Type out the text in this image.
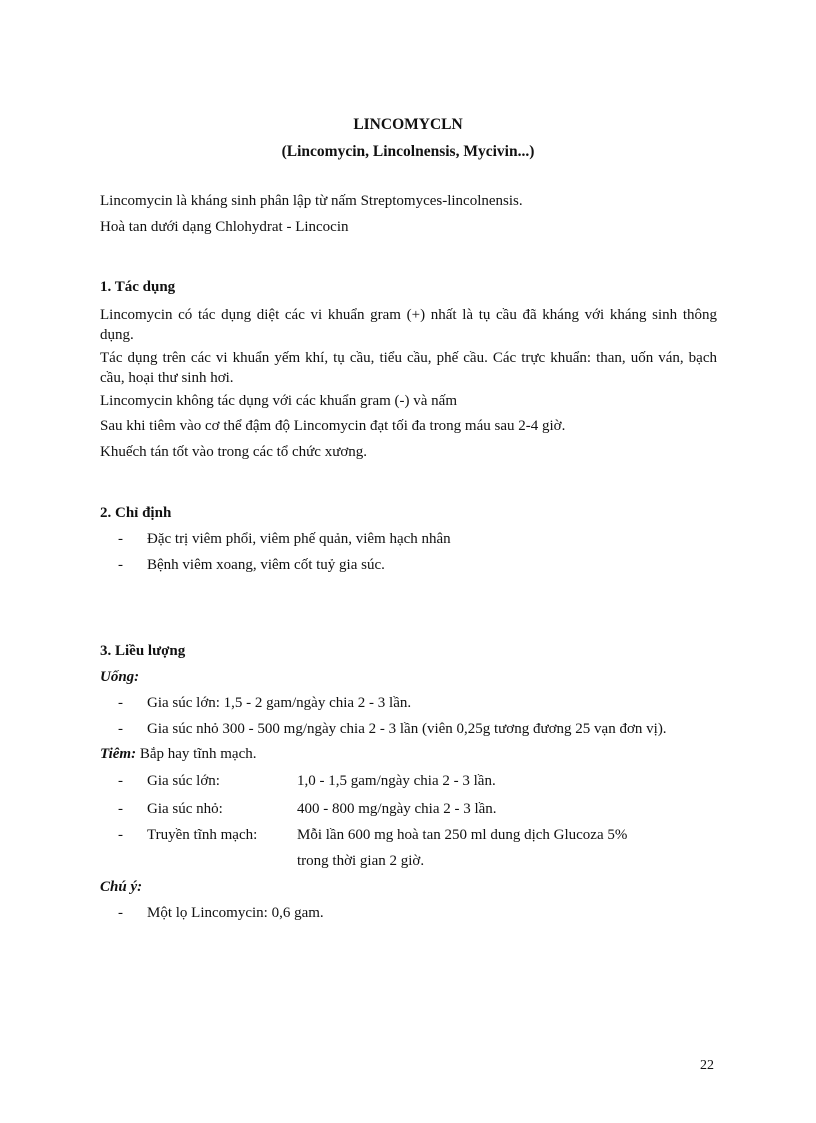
LINCOMYCLN
(Lincomycin, Lincolnensis, Mycivin...)
Lincomycin là kháng sinh phân lập từ nấm Streptomyces-lincolnensis.
Hoà tan dưới dạng Chlohydrat - Lincocin
1. Tác dụng
Lincomycin có tác dụng diệt các vi khuẩn gram (+) nhất là tụ cầu đã kháng với kháng sinh thông dụng.
Tác dụng trên các vi khuẩn yếm khí, tụ cầu, tiểu cầu, phế cầu. Các trực khuẩn: than, uốn ván, bạch cầu, hoại thư sinh hơi.
Lincomycin không tác dụng với các khuẩn gram (-) và nấm
Sau khi tiêm vào cơ thể đậm độ Lincomycin đạt tối đa trong máu sau 2-4 giờ.
Khuếch tán tốt vào trong các tổ chức xương.
2. Chỉ định
- Đặc trị viêm phổi, viêm phế quản, viêm hạch nhân
- Bệnh viêm xoang, viêm cốt tuỷ gia súc.
3. Liều lượng
Uống:
- Gia súc lớn: 1,5 - 2 gam/ngày chia 2 - 3 lần.
- Gia súc nhỏ 300 - 500 mg/ngày chia 2 - 3 lần (viên 0,25g tương đương 25 vạn đơn vị).
Tiêm: Bắp hay tĩnh mạch.
- Gia súc lớn:	1,0 - 1,5 gam/ngày chia 2 - 3 lần.
- Gia súc nhỏ:	400 - 800 mg/ngày chia 2 - 3 lần.
- Truyền tĩnh mạch:	Mỗi lần 600 mg hoà tan 250 ml dung dịch Glucoza 5%
trong thời gian 2 giờ.
Chú ý:
- Một lọ Lincomycin: 0,6 gam.
22
